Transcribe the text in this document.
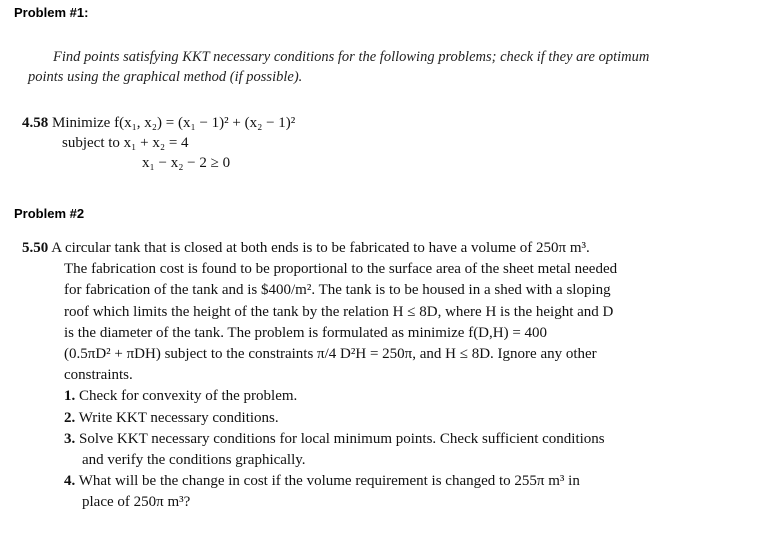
Problem #1:
Find points satisfying KKT necessary conditions for the following problems; check if they are optimum
points using the graphical method (if possible).
4.58 Minimize f(x₁, x₂) = (x₁ − 1)² + (x₂ − 1)²
subject to x₁ + x₂ = 4
x₁ − x₂ − 2 ≥ 0
Problem #2
5.50 A circular tank that is closed at both ends is to be fabricated to have a volume of 250π m³.
The fabrication cost is found to be proportional to the surface area of the sheet metal needed
for fabrication of the tank and is $400/m². The tank is to be housed in a shed with a sloping
roof which limits the height of the tank by the relation H ≤ 8D, where H is the height and D
is the diameter of the tank. The problem is formulated as minimize f(D,H) = 400
(0.5πD² + πDH) subject to the constraints π/4 D²H = 250π, and H ≤ 8D. Ignore any other
constraints.
1. Check for convexity of the problem.
2. Write KKT necessary conditions.
3. Solve KKT necessary conditions for local minimum points. Check sufficient conditions
and verify the conditions graphically.
4. What will be the change in cost if the volume requirement is changed to 255π m³ in
place of 250π m³?
